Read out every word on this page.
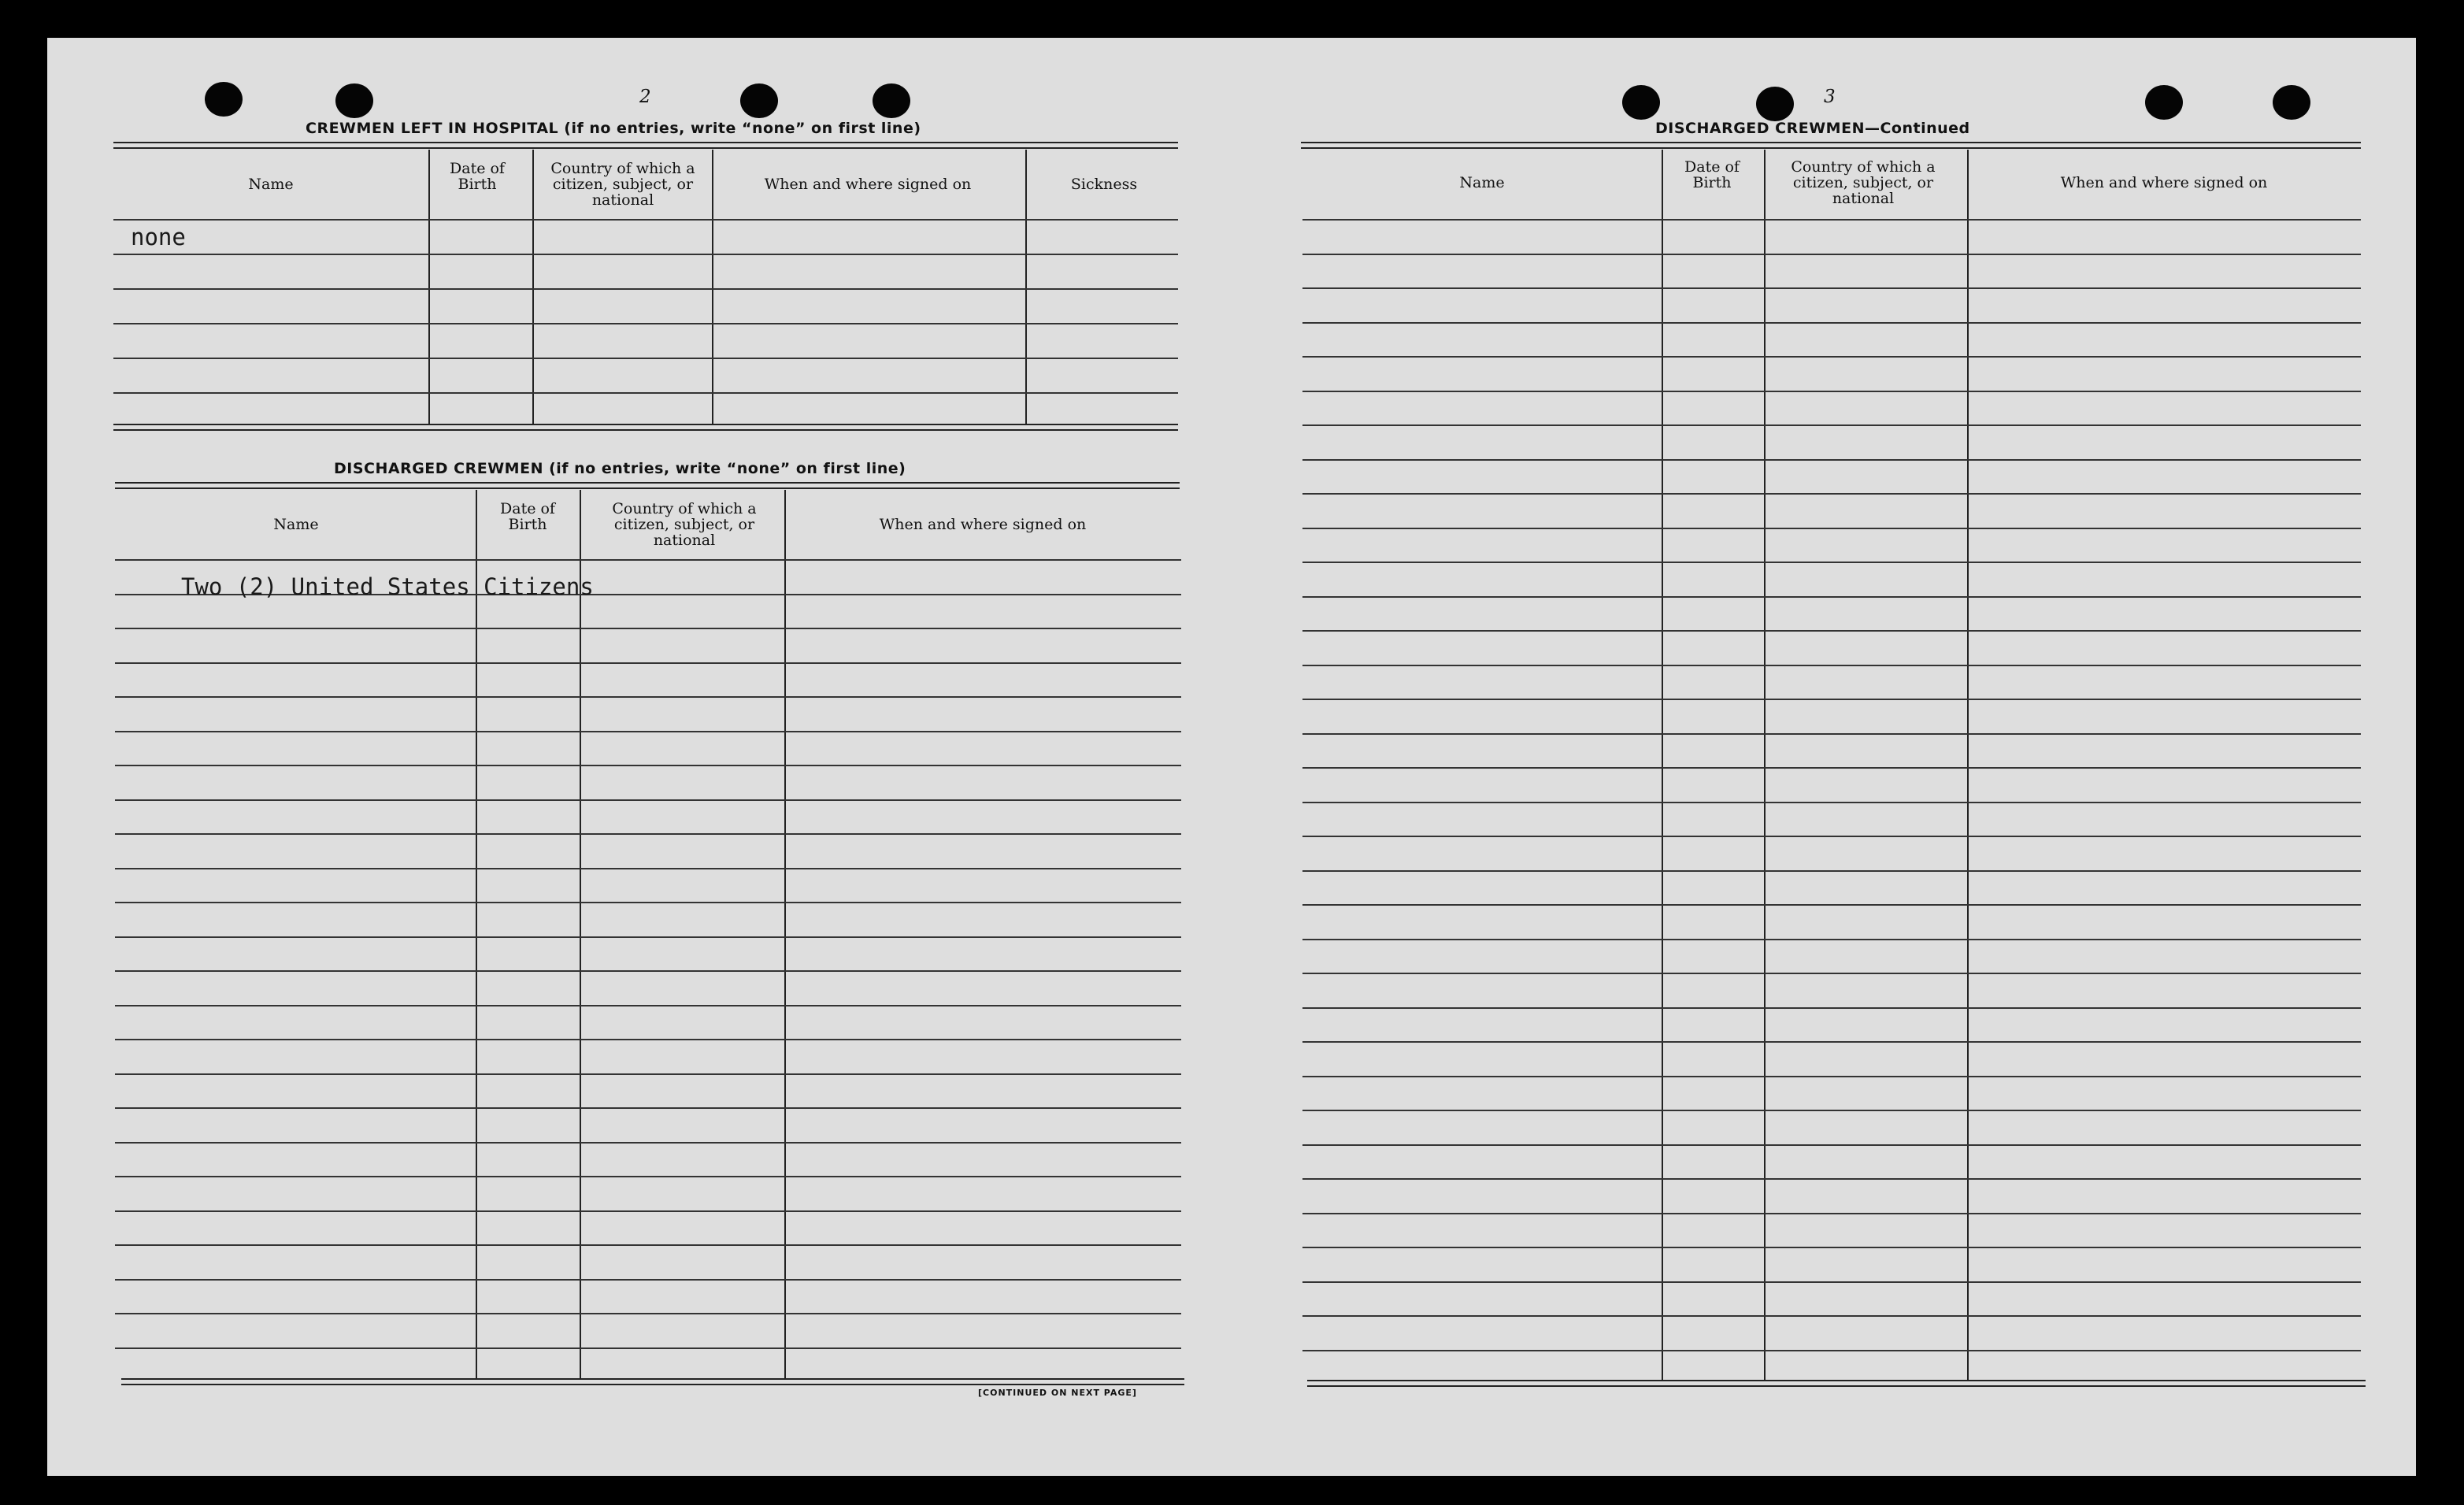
2
CREWMEN LEFT IN HOSPITAL (if no entries, write “none” on first line)
Name
Date of Birth
Country of which a citizen, subject, or national
When and where signed on	Sickness
none
DISCHARGED CREWMEN (if no entries, write “none” on first line)
Name
Date of Birth
Country of which a citizen, subject, or national
When and where signed on
Two (2) United States Citizens
[CONTINUED ON NEXT PAGE]
3
DISCHARGED CREWMEN—Continued
Name
Date of Birth
Country of which a citizen, subject, or national
When and where signed on
